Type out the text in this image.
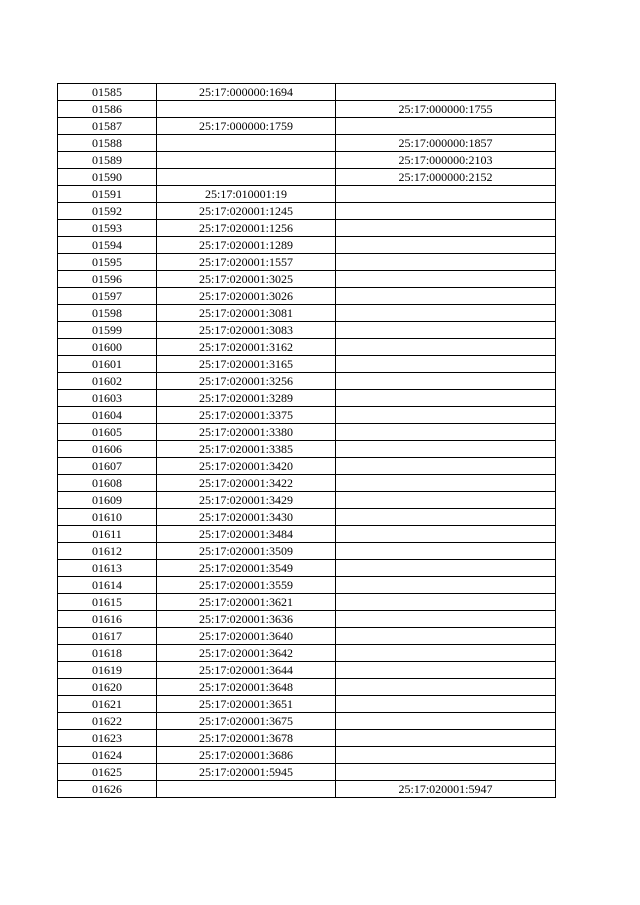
01585	25:17:000000:1694	
01586		25:17:000000:1755
01587	25:17:000000:1759	
01588		25:17:000000:1857
01589		25:17:000000:2103
01590		25:17:000000:2152
01591	25:17:010001:19	
01592	25:17:020001:1245	
01593	25:17:020001:1256	
01594	25:17:020001:1289	
01595	25:17:020001:1557	
01596	25:17:020001:3025	
01597	25:17:020001:3026	
01598	25:17:020001:3081	
01599	25:17:020001:3083	
01600	25:17:020001:3162	
01601	25:17:020001:3165	
01602	25:17:020001:3256	
01603	25:17:020001:3289	
01604	25:17:020001:3375	
01605	25:17:020001:3380	
01606	25:17:020001:3385	
01607	25:17:020001:3420	
01608	25:17:020001:3422	
01609	25:17:020001:3429	
01610	25:17:020001:3430	
01611	25:17:020001:3484	
01612	25:17:020001:3509	
01613	25:17:020001:3549	
01614	25:17:020001:3559	
01615	25:17:020001:3621	
01616	25:17:020001:3636	
01617	25:17:020001:3640	
01618	25:17:020001:3642	
01619	25:17:020001:3644	
01620	25:17:020001:3648	
01621	25:17:020001:3651	
01622	25:17:020001:3675	
01623	25:17:020001:3678	
01624	25:17:020001:3686	
01625	25:17:020001:5945	
01626		25:17:020001:5947
